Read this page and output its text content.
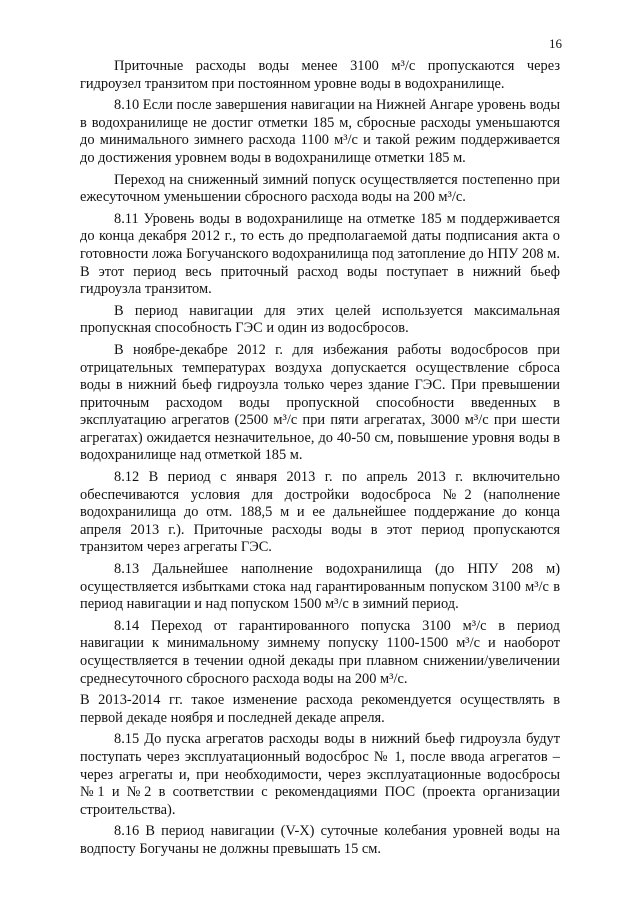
16

Приточные расходы воды менее 3100 м³/с пропускаются через гидроузел транзитом при постоянном уровне воды в водохранилище.

8.10 Если после завершения навигации на Нижней Ангаре уровень воды в водохранилище не достиг отметки 185 м, сбросные расходы уменьшаются до минимального зимнего расхода 1100 м³/с и такой режим поддерживается до достижения уровнем воды в водохранилище отметки 185 м.

Переход на сниженный зимний попуск осуществляется постепенно при ежесуточном уменьшении сбросного расхода воды на 200 м³/с.

8.11 Уровень воды в водохранилище на отметке 185 м поддерживается до конца декабря 2012 г., то есть до предполагаемой даты подписания акта о готовности ложа Богучанского водохранилища под затопление до НПУ 208 м. В этот период весь приточный расход воды поступает в нижний бьеф гидроузла транзитом.

В период навигации для этих целей используется максимальная пропускная способность ГЭС и один из водосбросов.

В ноябре-декабре 2012 г. для избежания работы водосбросов при отрицательных температурах воздуха допускается осуществление сброса воды в нижний бьеф гидроузла только через здание ГЭС. При превышении приточным расходом воды пропускной способности введенных в эксплуатацию агрегатов (2500 м³/с при пяти агрегатах, 3000 м³/с при шести агрегатах) ожидается незначительное, до 40-50 см, повышение уровня воды в водохранилище над отметкой 185 м.

8.12 В период с января 2013 г. по апрель 2013 г. включительно обеспечиваются условия для достройки водосброса №2 (наполнение водохранилища до отм. 188,5 м и ее дальнейшее поддержание до конца апреля 2013 г.). Приточные расходы воды в этот период пропускаются транзитом через агрегаты ГЭС.

8.13 Дальнейшее наполнение водохранилища (до НПУ 208 м) осуществляется избытками стока над гарантированным попуском 3100 м³/с в период навигации и над попуском 1500 м³/с в зимний период.

8.14 Переход от гарантированного попуска 3100 м³/с в период навигации к минимальному зимнему попуску 1100-1500 м³/с и наоборот осуществляется в течении одной декады при плавном снижении/увеличении среднесуточного сбросного расхода воды на 200 м³/с.

В 2013-2014 гг. такое изменение расхода рекомендуется осуществлять в первой декаде ноября и последней декаде апреля.

8.15 До пуска агрегатов расходы воды в нижний бьеф гидроузла будут поступать через эксплуатационный водосброс № 1, после ввода агрегатов – через агрегаты и, при необходимости, через эксплуатационные водосбросы №1 и №2 в соответствии с рекомендациями ПОС (проекта организации строительства).

8.16 В период навигации (V-X) суточные колебания уровней воды на водпосту Богучаны не должны превышать 15 см.
